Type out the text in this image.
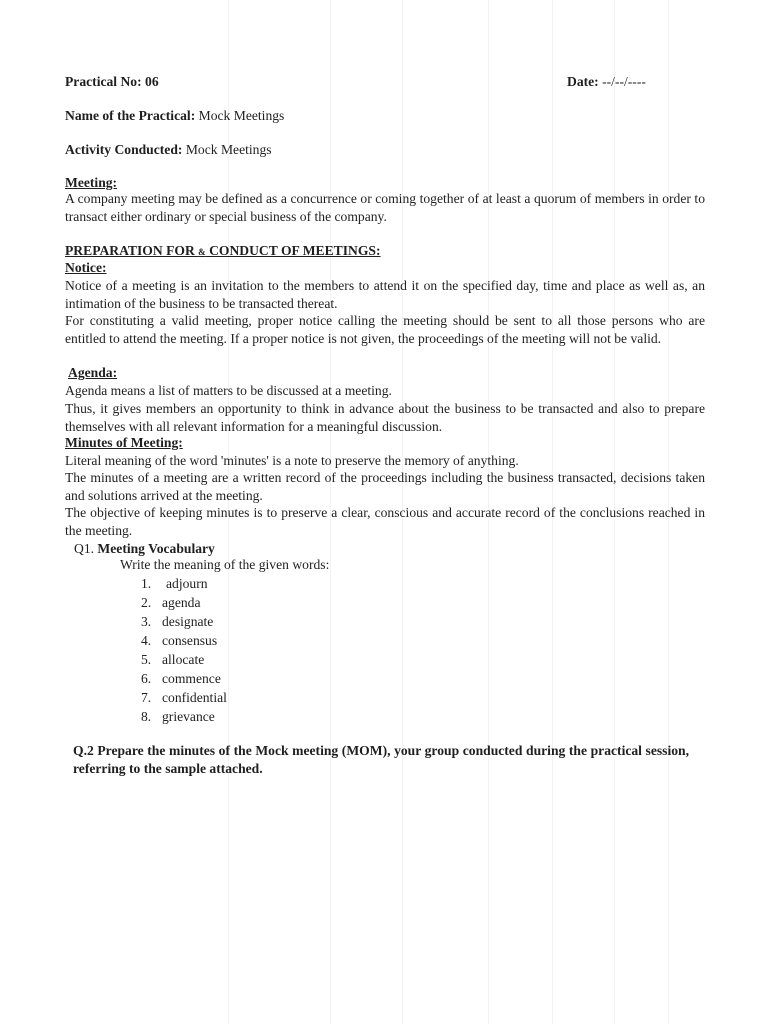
Practical No: 06	Date: --/--/----
Name of the Practical: Mock Meetings
Activity Conducted: Mock Meetings
Meeting:
A company meeting may be defined as a concurrence or coming together of at least a quorum of members in order to transact either ordinary or special business of the company.
PREPARATION FOR & CONDUCT OF MEETINGS:
Notice:
Notice of a meeting is an invitation to the members to attend it on the specified day, time and place as well as, an intimation of the business to be transacted thereat.
For constituting a valid meeting, proper notice calling the meeting should be sent to all those persons who are entitled to attend the meeting. If a proper notice is not given, the proceedings of the meeting will not be valid.
Agenda:
Agenda means a list of matters to be discussed at a meeting.
Thus, it gives members an opportunity to think in advance about the business to be transacted and also to prepare themselves with all relevant information for a meaningful discussion.
Minutes of Meeting:
Literal meaning of the word 'minutes' is a note to preserve the memory of anything.
The minutes of a meeting are a written record of the proceedings including the business transacted, decisions taken and solutions arrived at the meeting.
The objective of keeping minutes is to preserve a clear, conscious and accurate record of the conclusions reached in the meeting.
Q1. Meeting Vocabulary
Write the meaning of the given words:
1. adjourn
2. agenda
3. designate
4. consensus
5. allocate
6. commence
7. confidential
8. grievance
Q.2 Prepare the minutes of the Mock meeting (MOM), your group conducted during the practical session, referring to the sample attached.
